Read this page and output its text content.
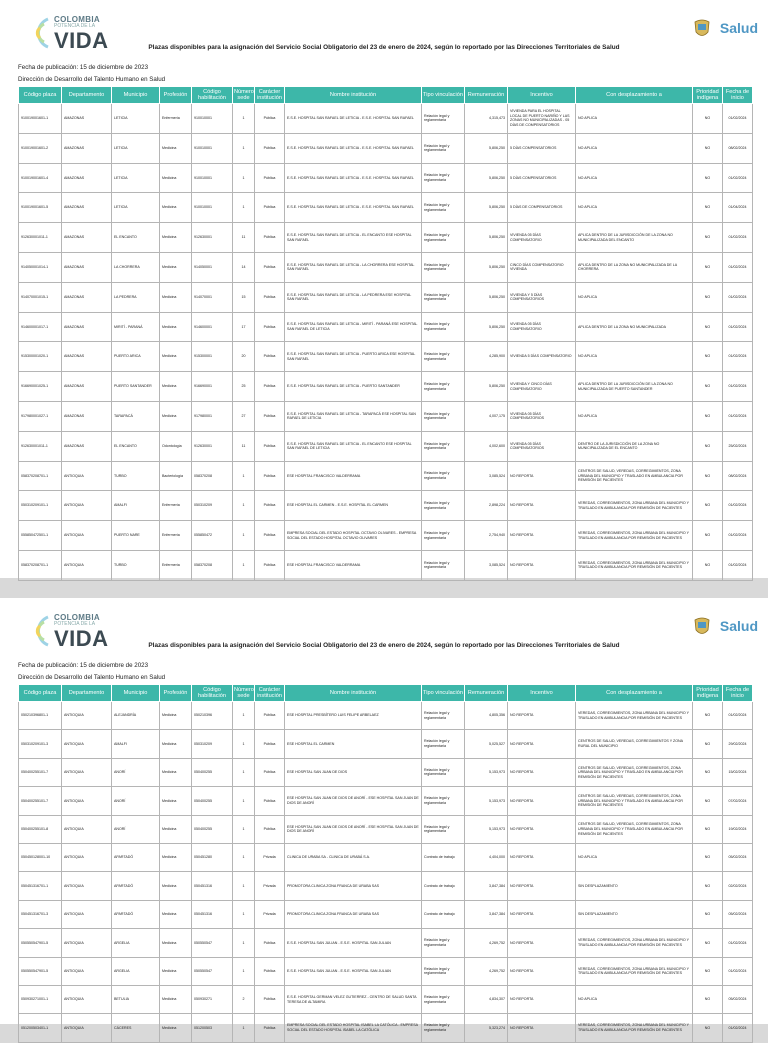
COLOMBIA
POTENCIA DE LA
VIDA	Plazas disponibles para la asignación del Servicio Social Obligatorio del 23 de enero de 2024, según lo reportado por las Direcciones Territoriales de Salud
Salud
Fecha de publicación: 15 de diciembre de 2023
Dirección de Desarrollo del Talento Humano en Salud
Código plaza	Departamento	Municipio	Profesión	Código habilitación	Número sede	Carácter institución	Nombre institución	Tipo vinculación	Remuneración	Incentivo	Con desplazamiento a	Prioridad indígena	Fecha de inicio
910019001601-1	AMAZONAS	LETICIA	Enfermería	910010001	1	Pública	E.S.E. HOSPITAL SAN RAFAEL DE LETICIA - E.S.E. HOSPITAL SAN RAFAEL	Relación legal y reglamentaria	4,315,473	VIVIENDA PARA EL HOSPITAL LOCAL DE PUERTO NARIÑO Y LAS ZONAS NO MUNICIPALIZADAS - 05 DÍAS DE COMPENSATORIOS	NO APLICA	NO	01/02/2024
910019001601-2	AMAZONAS	LETICIA	Medicina	910010001	1	Pública	E.S.E. HOSPITAL SAN RAFAEL DE LETICIA - E.S.E. HOSPITAL SAN RAFAEL	Relación legal y reglamentaria	5,806,250	5 DÍAS COMPENSATORIOS	NO APLICA	NO	08/02/2024
910019001601-4	AMAZONAS	LETICIA	Medicina	910010001	1	Pública	E.S.E. HOSPITAL SAN RAFAEL DE LETICIA - E.S.E. HOSPITAL SAN RAFAEL	Relación legal y reglamentaria	5,806,250	5 DÍAS COMPENSATORIOS	NO APLICA	NO	01/02/2024
910019001601-5	AMAZONAS	LETICIA	Medicina	910010001	1	Pública	E.S.E. HOSPITAL SAN RAFAEL DE LETICIA - E.S.E. HOSPITAL SAN RAFAEL	Relación legal y reglamentaria	5,806,250	5 DÍAS DE COMPENSATORIOS	NO APLICA	NO	01/04/2024
912630001011-1	AMAZONAS	EL ENCANTO	Medicina	912630001	11	Pública	E.S.E. HOSPITAL SAN RAFAEL DE LETICIA - EL ENCANTO ESE HOSPITAL SAN RAFAEL	Relación legal y reglamentaria	5,806,250	VIVIENDA 05 DÍAS COMPENSATORIO	APLICA DENTRO DE LA JURISDICCIÓN DE LA ZONA NO MUNICIPALIZADA DEL ENCANTO	NO	01/02/2024
914050001014-1	AMAZONAS	LA CHORRERA	Medicina	914050001	14	Pública	E.S.E. HOSPITAL SAN RAFAEL DE LETICIA - LA CHORRERA ESE HOSPITAL SAN RAFAEL	Relación legal y reglamentaria	5,806,250	CINCO DÍAS COMPENSATORIO VIVIENDA	APLICA DENTRO DE LA ZONA NO MUNICIPALIZADA DE LA CHORRERA	NO	01/02/2024
914070001015-1	AMAZONAS	LA PEDRERA	Medicina	914070001	15	Pública	E.S.E. HOSPITAL SAN RAFAEL DE LETICIA - LA PEDRERA ESE HOSPITAL SAN RAFAEL	Relación legal y reglamentaria	5,806,250	VIVIENDA Y 5 DÍAS COMPENSATORIOS	NO APLICA	NO	01/02/2024
914600001017-1	AMAZONAS	MIRITÍ - PARANÁ	Medicina	914600001	17	Pública	E.S.E. HOSPITAL SAN RAFAEL DE LETICIA - MIRITÍ - PARANÁ ESE HOSPITAL SAN RAFAEL DE LETICIA	Relación legal y reglamentaria	5,806,250	VIVIENDA 05 DÍAS COMPENSATORIO	APLICA DENTRO DE LA ZONA NO MUNICIPALIZADA	NO	01/02/2024
915300001020-1	AMAZONAS	PUERTO ARICA	Medicina	915300001	20	Pública	E.S.E. HOSPITAL SAN RAFAEL DE LETICIA - PUERTO ARICA ESE HOSPITAL SAN RAFAEL	Relación legal y reglamentaria	4,285,900	VIVIENDA 5 DÍAS COMPENSATORIO	NO APLICA	NO	01/02/2024
916690001025-1	AMAZONAS	PUERTO SANTANDER	Medicina	916690001	25	Pública	E.S.E. HOSPITAL SAN RAFAEL DE LETICIA - PUERTO SANTANDER	Relación legal y reglamentaria	5,806,250	VIVIENDA Y CINCO DÍAS COMPENSATORIO	APLICA DENTRO DE LA JURISDICCIÓN DE LA ZONA NO MUNICIPALIZADA DE PUERTO SANTANDER	NO	01/02/2024
917980001027-1	AMAZONAS	TARAPACÁ	Medicina	917980001	27	Pública	E.S.E. HOSPITAL SAN RAFAEL DE LETICIA - TARAPACÁ ESE HOSPITAL SAN RAFAEL DE LETICIA	Relación legal y reglamentaria	4,007,175	VIVIENDA 05 DÍAS COMPENSATORIOS	NO APLICA	NO	01/02/2024
912630001011-1	AMAZONAS	EL ENCANTO	Odontología	912630001	11	Pública	E.S.E. HOSPITAL SAN RAFAEL DE LETICIA - EL ENCANTO ESE HOSPITAL SAN RAFAEL DE LETICIA	Relación legal y reglamentaria	4,002,600	VIVIENDA 05 DÍAS COMPENSATORIOS	DENTRO DE LA JURISDICCIÓN DE LA ZONA NO MUNICIPALIZADA DE EL ENCANTO	NO	25/02/2024
058370208701-1	ANTIOQUIA	TURBO	Bacteriología	058370208	1	Pública	ESE HOSPITAL FRANCISCO VALDERRAMA	Relación legal y reglamentaria	3,085,524	NO REPORTA	CENTROS DE SALUD, VEREDAS, CORREGIMIENTOS, ZONA URBANA DEL MUNICIPIO Y TRASLADO EN AMBULANCIA POR REMISIÓN DE PACIENTES	NO	08/02/2024
050310209101-1	ANTIOQUIA	AMALFI	Enfermería	050310209	1	Pública	ESE HOSPITAL EL CARMEN - E.S.E. HOSPITAL EL CARMEN	Relación legal y reglamentaria	2,898,224	NO REPORTA	VEREDAS, CORREGIMIENTOS, ZONA URBANA DEL MUNICIPIO Y TRASLADO EN AMBULANCIA POR REMISIÓN DE PACIENTES	NO	01/02/2024
055850472501-1	ANTIOQUIA	PUERTO NARE	Enfermería	055850472	1	Pública	EMPRESA SOCIAL DEL ESTADO HOSPITAL OCTAVIO OLIVARES - EMPRESA SOCIAL DEL ESTADO HOSPITAL OCTAVIO OLIVARES	Relación legal y reglamentaria	2,754,940	NO REPORTA	VEREDAS, CORREGIMIENTOS, ZONA URBANA DEL MUNICIPIO Y TRASLADO EN AMBULANCIA POR REMISIÓN DE PACIENTES	NO	01/02/2024
058370208701-1	ANTIOQUIA	TURBO	Enfermería	058370208	1	Pública	ESE HOSPITAL FRANCISCO VALDERRAMA	Relación legal y reglamentaria	3,085,524	NO REPORTA	VEREDAS, CORREGIMIENTOS, ZONA URBANA DEL MUNICIPIO Y TRASLADO EN AMBULANCIA POR REMISIÓN DE PACIENTES	NO	01/02/2024
COLOMBIA
POTENCIA DE LA
VIDA	Plazas disponibles para la asignación del Servicio Social Obligatorio del 23 de enero de 2024, según lo reportado por las Direcciones Territoriales de Salud
Salud
Fecha de publicación: 15 de diciembre de 2023
Dirección de Desarrollo del Talento Humano en Salud
Código plaza	Departamento	Municipio	Profesión	Código habilitación	Número sede	Carácter institución	Nombre institución	Tipo vinculación	Remuneración	Incentivo	Con desplazamiento a	Prioridad indígena	Fecha de inicio
050210396801-1	ANTIOQUIA	ALEJANDRÍA	Medicina	050210396	1	Pública	ESE HOSPITAL PRESBÍTERO LUIS FELIPE ARBELAEZ	Relación legal y reglamentaria	4,805,356	NO REPORTA	VEREDAS, CORREGIMIENTOS, ZONA URBANA DEL MUNICIPIO Y TRASLADO EN AMBULANCIA POR REMISIÓN DE PACIENTES	NO	01/02/2024
050310209101-3	ANTIOQUIA	AMALFI	Medicina	050310209	1	Pública	ESE HOSPITAL EL CARMEN	Relación legal y reglamentaria	5,025,527	NO REPORTA	CENTROS DE SALUD, VEREDAS, CORREGIMIENTOS Y ZONA RURAL DEL MUNICIPIO	NO	29/02/2024
050400255101-7	ANTIOQUIA	ANORÍ	Medicina	050400255	1	Pública	ESE HOSPITAL SAN JUAN DE DIOS	Relación legal y reglamentaria	5,153,973	NO REPORTA	CENTROS DE SALUD, VEREDAS, CORREGIMIENTOS, ZONA URBANA DEL MUNICIPIO Y TRASLADO EN AMBULANCIA POR REMISIÓN DE PACIENTES	NO	15/02/2024
050400255101-7	ANTIOQUIA	ANORÍ	Medicina	050400255	1	Pública	ESE HOSPITAL SAN JUAN DE DIOS DE ANORÍ - ESE HOSPITAL SAN JUAN DE DIOS DE ANORÍ	Relación legal y reglamentaria	5,153,973	NO REPORTA	CENTROS DE SALUD, VEREDAS, CORREGIMIENTOS, ZONA URBANA DEL MUNICIPIO Y TRASLADO EN AMBULANCIA POR REMISIÓN DE PACIENTES	NO	07/02/2024
050400255101-8	ANTIOQUIA	ANORÍ	Medicina	050400255	1	Pública	ESE HOSPITAL SAN JUAN DE DIOS DE ANORÍ - ESE HOSPITAL SAN JUAN DE DIOS DE ANORÍ	Relación legal y reglamentaria	5,153,973	NO REPORTA	CENTROS DE SALUD, VEREDAS, CORREGIMIENTOS, ZONA URBANA DEL MUNICIPIO Y TRASLADO EN AMBULANCIA POR REMISIÓN DE PACIENTES	NO	19/02/2024
050450128001-10	ANTIOQUIA	APARTADÓ	Medicina	050451280	1	Privada	CLINICA DE URABA SA - CLINICA DE URABÁ S.A.	Contrato de trabajo	4,404,000	NO REPORTA	NO APLICA	NO	05/02/2024
050451316701-1	ANTIOQUIA	APARTADÓ	Medicina	050451316	1	Privada	PROMOTORA CLINICA ZONA FRANCA DE URABA SAS	Contrato de trabajo	3,847,384	NO REPORTA	SIN DESPLAZAMIENTO	NO	02/02/2024
050451316701-3	ANTIOQUIA	APARTADÓ	Medicina	050451316	1	Privada	PROMOTORA CLINICA ZONA FRANCA DE URABA SAS	Contrato de trabajo	3,847,384	NO REPORTA	SIN DESPLAZAMIENTO	NO	05/02/2024
050550547901-5	ANTIOQUIA	ARGELIA	Medicina	050550547	1	Pública	E.S.E. HOSPITAL SAN JULIAN - E.S.E. HOSPITAL SAN JULIAN	Relación legal y reglamentaria	4,269,752	NO REPORTA	VEREDAS, CORREGIMIENTOS, ZONA URBANA DEL MUNICIPIO Y TRASLADO EN AMBULANCIA POR REMISIÓN DE PACIENTES	NO	01/02/2024
050550547901-5	ANTIOQUIA	ARGELIA	Medicina	050550547	1	Pública	E.S.E. HOSPITAL SAN JULIAN - E.S.E. HOSPITAL SAN JULIAN	Relación legal y reglamentaria	4,269,752	NO REPORTA	VEREDAS, CORREGIMIENTOS, ZONA URBANA DEL MUNICIPIO Y TRASLADO EN AMBULANCIA POR REMISIÓN DE PACIENTES	NO	01/02/2024
050930271001-1	ANTIOQUIA	BETULIA	Medicina	050930271	2	Pública	E.S.E. HOSPITAL GERMAN VELEZ GUTIERREZ - CENTRO DE SALUD SANTA TERESA DE ALTAMIRA	Relación legal y reglamentaria	4,834,307	NO REPORTA	NO APLICA	NO	05/02/2024
051200503401-1	ANTIOQUIA	CÁCERES	Medicina	051200503	1	Pública	EMPRESA SOCIAL DEL ESTADO HOSPITAL ISABEL LA CATÓLICA - EMPRESA SOCIAL DEL ESTADO HOSPITAL ISABEL LA CATÓLICA	Relación legal y reglamentaria	5,323,274	NO REPORTA	VEREDAS, CORREGIMIENTOS, ZONA URBANA DEL MUNICIPIO Y TRASLADO EN AMBULANCIA POR REMISIÓN DE PACIENTES	NO	01/02/2024
